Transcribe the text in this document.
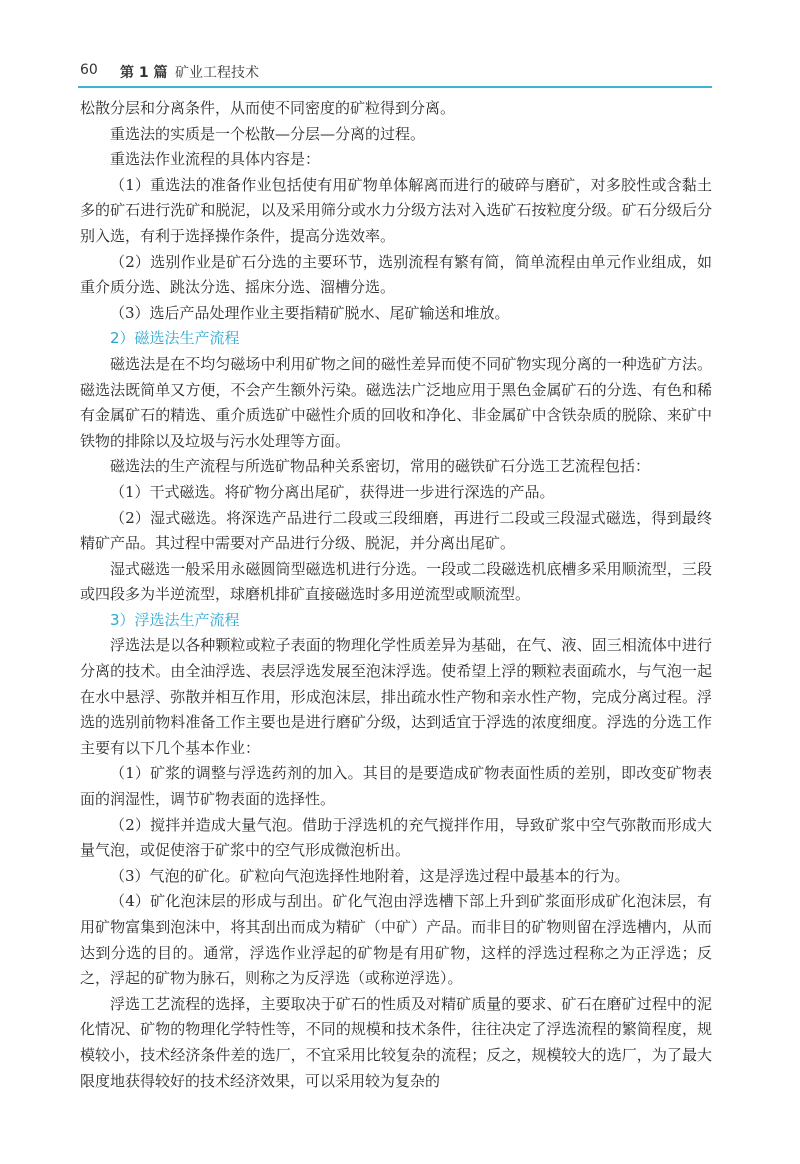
60 第 1 篇 矿业工程技术

松散分层和分离条件，从而使不同密度的矿粒得到分离。

重选法的实质是一个松散—分层—分离的过程。

重选法作业流程的具体内容是：

（1）重选法的准备作业包括使有用矿物单体解离而进行的破碎与磨矿，对多胶性或含黏土多的矿石进行洗矿和脱泥，以及采用筛分或水力分级方法对入选矿石按粒度分级。矿石分级后分别入选，有利于选择操作条件，提高分选效率。

（2）选别作业是矿石分选的主要环节，选别流程有繁有简，简单流程由单元作业组成，如重介质分选、跳汰分选、摇床分选、溜槽分选。

（3）选后产品处理作业主要指精矿脱水、尾矿输送和堆放。

2）磁选法生产流程

磁选法是在不均匀磁场中利用矿物之间的磁性差异而使不同矿物实现分离的一种选矿方法。磁选法既简单又方便，不会产生额外污染。磁选法广泛地应用于黑色金属矿石的分选、有色和稀有金属矿石的精选、重介质选矿中磁性介质的回收和净化、非金属矿中含铁杂质的脱除、来矿中铁物的排除以及垃圾与污水处理等方面。

磁选法的生产流程与所选矿物品种关系密切，常用的磁铁矿石分选工艺流程包括：

（1）干式磁选。将矿物分离出尾矿，获得进一步进行深选的产品。

（2）湿式磁选。将深选产品进行二段或三段细磨，再进行二段或三段湿式磁选，得到最终精矿产品。其过程中需要对产品进行分级、脱泥，并分离出尾矿。

湿式磁选一般采用永磁圆筒型磁选机进行分选。一段或二段磁选机底槽多采用顺流型，三段或四段多为半逆流型，球磨机排矿直接磁选时多用逆流型或顺流型。

3）浮选法生产流程

浮选法是以各种颗粒或粒子表面的物理化学性质差异为基础，在气、液、固三相流体中进行分离的技术。由全油浮选、表层浮选发展至泡沫浮选。使希望上浮的颗粒表面疏水，与气泡一起在水中悬浮、弥散并相互作用，形成泡沫层，排出疏水性产物和亲水性产物，完成分离过程。浮选的选别前物料准备工作主要也是进行磨矿分级，达到适宜于浮选的浓度细度。浮选的分选工作主要有以下几个基本作业：

（1）矿浆的调整与浮选药剂的加入。其目的是要造成矿物表面性质的差别，即改变矿物表面的润湿性，调节矿物表面的选择性。

（2）搅拌并造成大量气泡。借助于浮选机的充气搅拌作用，导致矿浆中空气弥散而形成大量气泡，或促使溶于矿浆中的空气形成微泡析出。

（3）气泡的矿化。矿粒向气泡选择性地附着，这是浮选过程中最基本的行为。

（4）矿化泡沫层的形成与刮出。矿化气泡由浮选槽下部上升到矿浆面形成矿化泡沫层，有用矿物富集到泡沫中，将其刮出而成为精矿（中矿）产品。而非目的矿物则留在浮选槽内，从而达到分选的目的。通常，浮选作业浮起的矿物是有用矿物，这样的浮选过程称之为正浮选；反之，浮起的矿物为脉石，则称之为反浮选（或称逆浮选）。

浮选工艺流程的选择，主要取决于矿石的性质及对精矿质量的要求、矿石在磨矿过程中的泥化情况、矿物的物理化学特性等，不同的规模和技术条件，往往决定了浮选流程的繁简程度，规模较小，技术经济条件差的选厂，不宜采用比较复杂的流程；反之，规模较大的选厂，为了最大限度地获得较好的技术经济效果，可以采用较为复杂的
